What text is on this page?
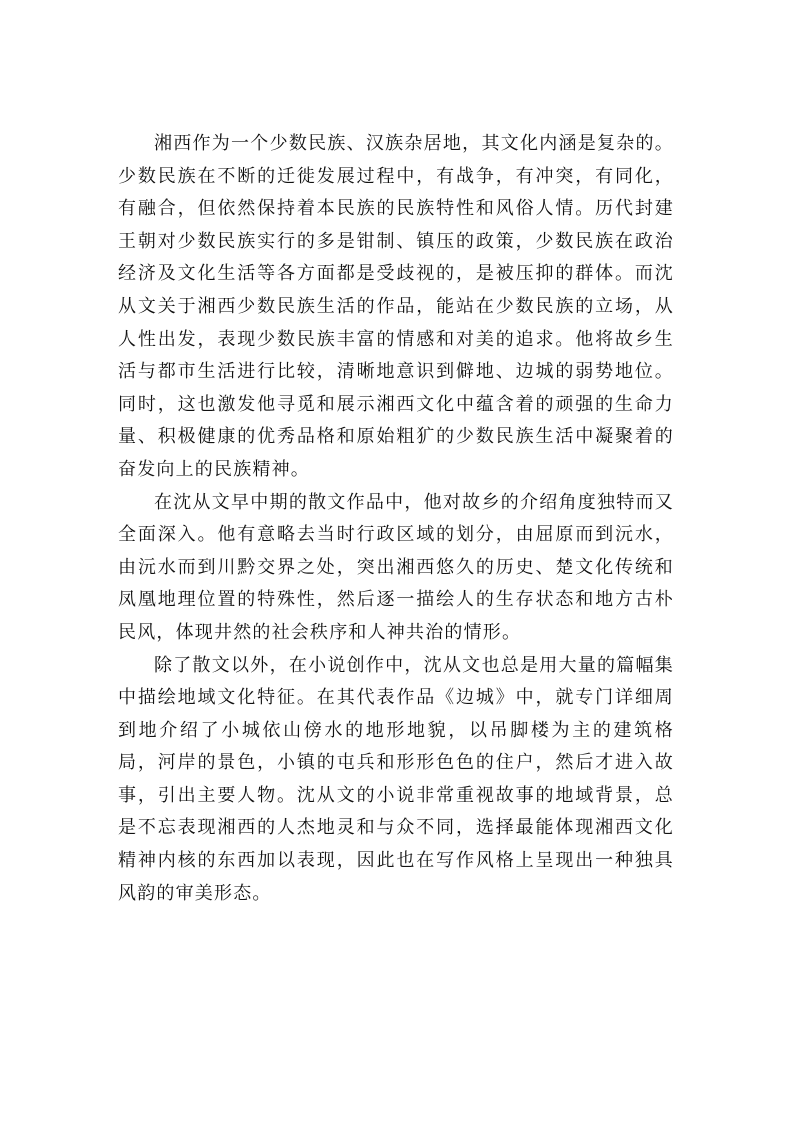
湘西作为一个少数民族、汉族杂居地，其文化内涵是复杂的。少数民族在不断的迁徙发展过程中，有战争，有冲突，有同化，有融合，但依然保持着本民族的民族特性和风俗人情。历代封建王朝对少数民族实行的多是钳制、镇压的政策，少数民族在政治经济及文化生活等各方面都是受歧视的，是被压抑的群体。而沈从文关于湘西少数民族生活的作品，能站在少数民族的立场，从人性出发，表现少数民族丰富的情感和对美的追求。他将故乡生活与都市生活进行比较，清晰地意识到僻地、边城的弱势地位。同时，这也激发他寻觅和展示湘西文化中蕴含着的顽强的生命力量、积极健康的优秀品格和原始粗犷的少数民族生活中凝聚着的奋发向上的民族精神。

在沈从文早中期的散文作品中，他对故乡的介绍角度独特而又全面深入。他有意略去当时行政区域的划分，由屈原而到沅水，由沅水而到川黔交界之处，突出湘西悠久的历史、楚文化传统和凤凰地理位置的特殊性，然后逐一描绘人的生存状态和地方古朴民风，体现井然的社会秩序和人神共治的情形。

除了散文以外，在小说创作中，沈从文也总是用大量的篇幅集中描绘地域文化特征。在其代表作品《边城》中，就专门详细周到地介绍了小城依山傍水的地形地貌，以吊脚楼为主的建筑格局，河岸的景色，小镇的屯兵和形形色色的住户，然后才进入故事，引出主要人物。沈从文的小说非常重视故事的地域背景，总是不忘表现湘西的人杰地灵和与众不同，选择最能体现湘西文化精神内核的东西加以表现，因此也在写作风格上呈现出一种独具风韵的审美形态。
